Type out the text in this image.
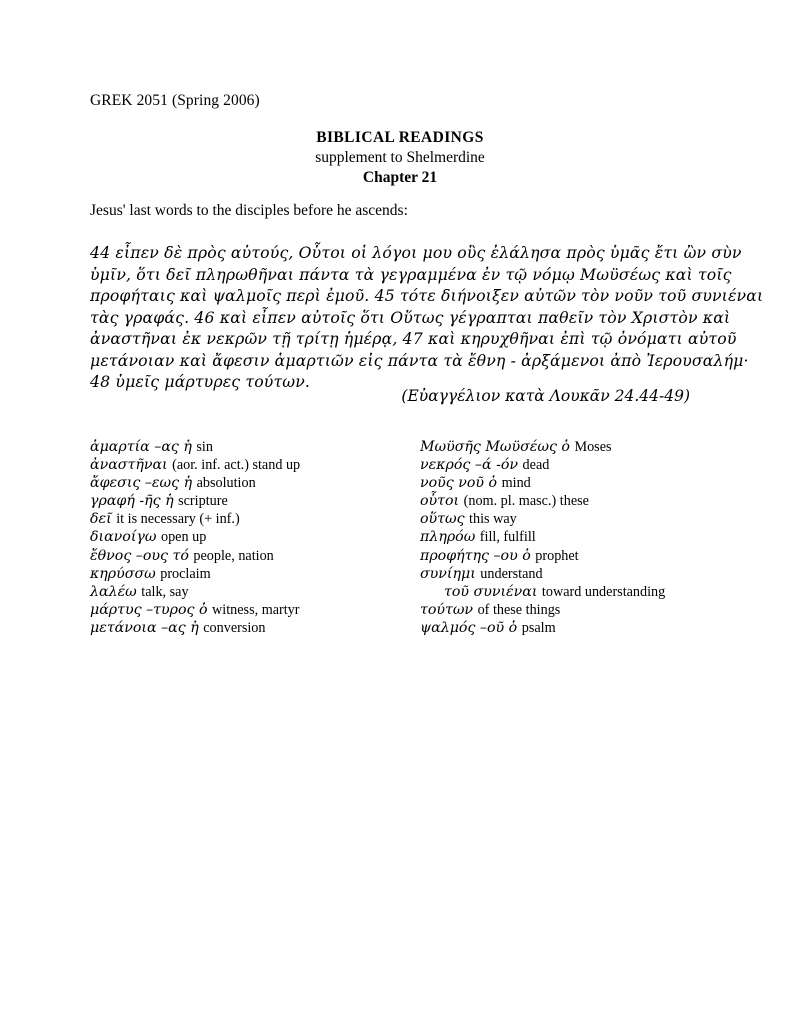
GREK 2051 (Spring 2006)
BIBLICAL READINGS
supplement to Shelmerdine
Chapter 21
Jesus' last words to the disciples before he ascends:
44 εἶπεν δὲ πρὸς αὐτούς, Οὗτοι οἱ λόγοι μου οὓς ἐλάλησα πρὸς ὑμᾶς ἔτι ὢν σὺν
ὑμῖν, ὅτι δεῖ πληρωθῆναι πάντα τὰ γεγραμμένα ἐν τῷ νόμῳ Μωϋσέως καὶ τοῖς
προφήταις καὶ ψαλμοῖς περὶ ἐμοῦ. 45 τότε διήνοιξεν αὐτῶν τὸν νοῦν τοῦ συνιέναι
τὰς γραφάς. 46 καὶ εἶπεν αὐτοῖς ὅτι Οὕτως γέγραπται παθεῖν τὸν Χριστὸν καὶ
ἀναστῆναι ἐκ νεκρῶν τῇ τρίτῃ ἡμέρᾳ, 47 καὶ κηρυχθῆναι ἐπὶ τῷ ὀνόματι αὐτοῦ
μετάνοιαν καὶ ἄφεσιν ἁμαρτιῶν εἰς πάντα τὰ ἔθνη - ἀρξάμενοι ἀπὸ Ἰερουσαλήμ·
48 ὑμεῖς μάρτυρες τούτων.
(Εὐαγγέλιον κατὰ Λουκᾶν 24.44-49)
ἁμαρτία –ας ἡ sin
ἀναστῆναι (aor. inf. act.) stand up
ἄφεσις –εως ἡ absolution
γραφή -ῆς ἡ scripture
δεῖ it is necessary (+ inf.)
διανοίγω open up
ἔθνος –ους τό people, nation
κηρύσσω proclaim
λαλέω talk, say
μάρτυς –τυρος ὁ witness, martyr
μετάνοια –ας ἡ conversion
Μωϋσῆς Μωϋσέως ὁ Moses
νεκρός –ά -όν dead
νοῦς νοῦ ὁ mind
οὗτοι (nom. pl. masc.) these
οὕτως this way
πληρόω fill, fulfill
προφήτης –ου ὁ prophet
συνίημι understand
τοῦ συνιέναι toward understanding
τούτων of these things
ψαλμός –οῦ ὁ psalm
